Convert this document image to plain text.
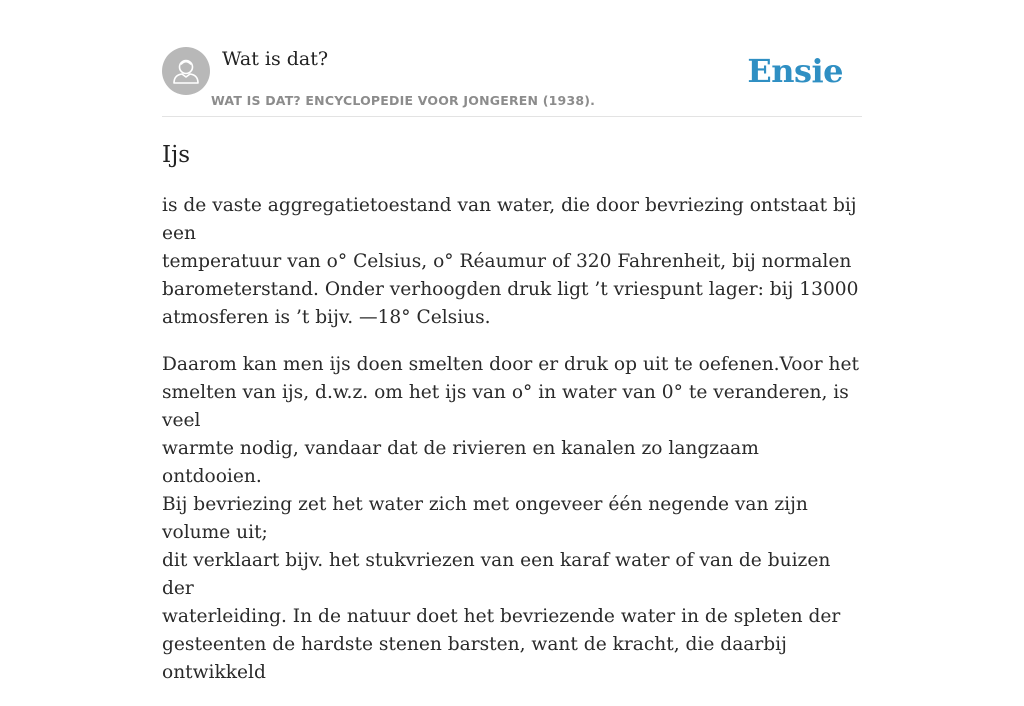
Wat is dat?
WAT IS DAT? ENCYCLOPEDIE VOOR JONGEREN (1938).
Ensie
Ijs

is de vaste aggregatietoestand van water, die door bevriezing ontstaat bij een
temperatuur van o° Celsius, o° Réaumur of 320 Fahrenheit, bij normalen
barometerstand. Onder verhoogden druk ligt ’t vriespunt lager: bij 13000
atmosferen is ’t bijv. —18° Celsius.

Daarom kan men ijs doen smelten door er druk op uit te oefenen.Voor het
smelten van ijs, d.w.z. om het ijs van o° in water van 0° te veranderen, is veel
warmte nodig, vandaar dat de rivieren en kanalen zo langzaam ontdooien.
Bij bevriezing zet het water zich met ongeveer één negende van zijn volume uit;
dit verklaart bijv. het stukvriezen van een karaf water of van de buizen der
waterleiding. In de natuur doet het bevriezende water in de spleten der
gesteenten de hardste stenen barsten, want de kracht, die daarbij ontwikkeld
